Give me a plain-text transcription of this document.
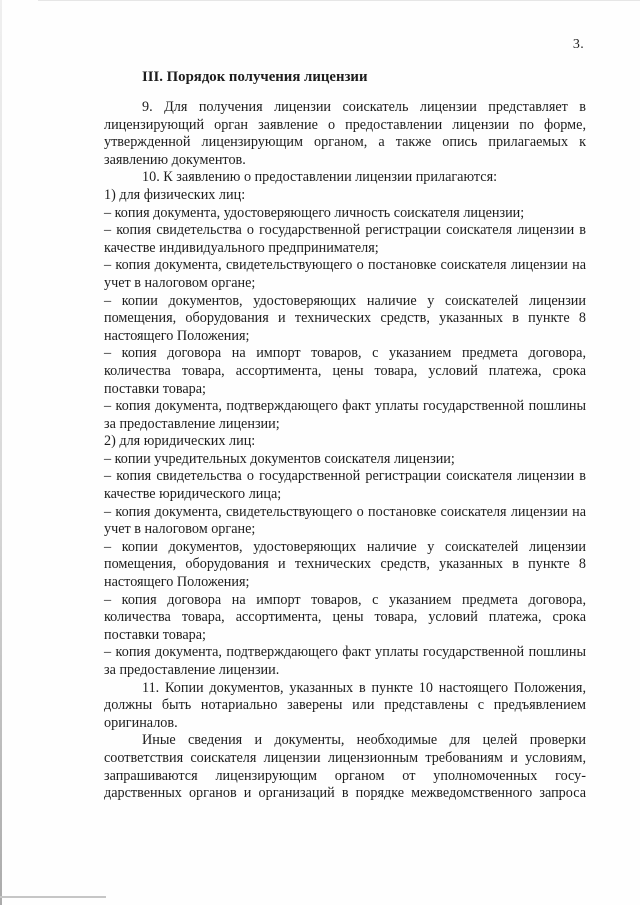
3.
III. Порядок получения лицензии

9. Для получения лицензии соискатель лицензии представляет в лицензирующий орган заявление о предоставлении лицензии по форме, утвержденной лицензирующим органом, а также опись прилагаемых к заявлению документов.

10. К заявлению о предоставлении лицензии прилагаются:

1) для физических лиц:

– копия документа, удостоверяющего личность соискателя лицензии;

– копия свидетельства о государственной регистрации соискателя лицензии в качестве индивидуального предпринимателя;

– копия документа, свидетельствующего о постановке соискателя лицензии на учет в налоговом органе;

– копии документов, удостоверяющих наличие у соискателей лицензии помещения, оборудования и технических средств, указанных в пункте 8 настоящего Положения;

– копия договора на импорт товаров, с указанием предмета договора, количества товара, ассортимента, цены товара, условий платежа, срока поставки товара;

– копия документа, подтверждающего факт уплаты государственной пошлины за предоставление лицензии;

2) для юридических лиц:

– копии учредительных документов соискателя лицензии;

– копия свидетельства о государственной регистрации соискателя лицензии в качестве юридического лица;

– копия документа, свидетельствующего о постановке соискателя лицензии на учет в налоговом органе;

– копии документов, удостоверяющих наличие у соискателей лицензии помещения, оборудования и технических средств, указанных в пункте 8 настоящего Положения;

– копия договора на импорт товаров, с указанием предмета договора, количества товара, ассортимента, цены товара, условий платежа, срока поставки товара;

– копия документа, подтверждающего факт уплаты государственной пошлины за предоставление лицензии.

11. Копии документов, указанных в пункте 10 настоящего Положения, должны быть нотариально заверены или представлены с предъявлением оригиналов.

Иные сведения и документы, необходимые для целей проверки соответствия соискателя лицензии лицензионным требованиям и условиям, запрашиваются лицензирующим органом от уполномоченных государственных органов и организаций в порядке межведомственного запроса
